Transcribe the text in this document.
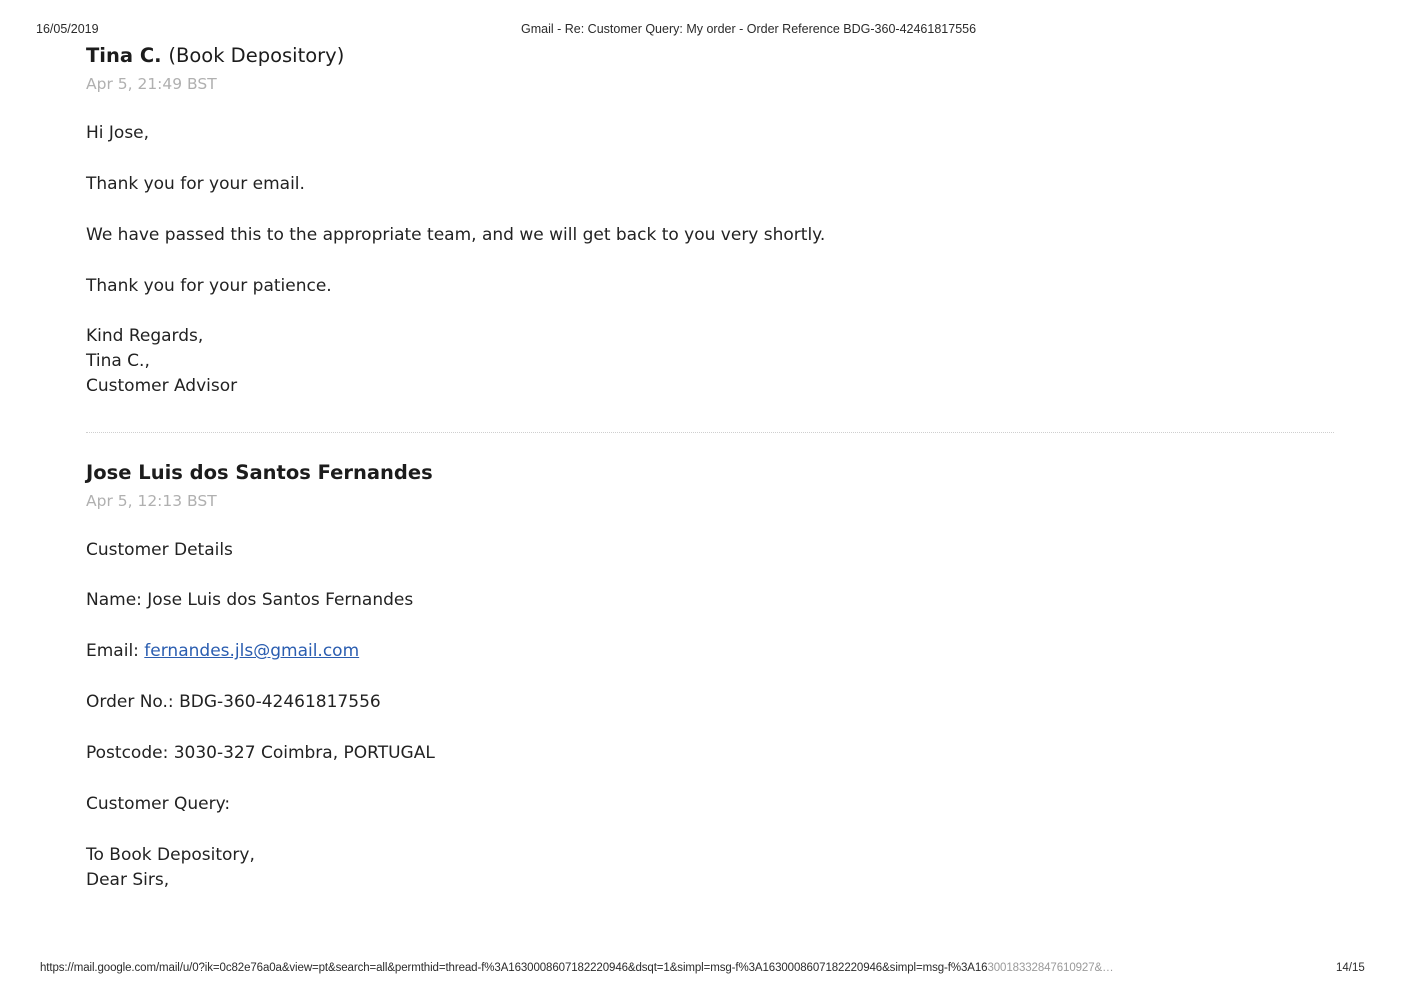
16/05/2019	Gmail - Re: Customer Query: My order - Order Reference BDG-360-42461817556

Tina C. (Book Depository)

Apr 5, 21:49 BST

Hi Jose,

Thank you for your email.

We have passed this to the appropriate team, and we will get back to you very shortly.

Thank you for your patience.

Kind Regards,

Tina C.,

Customer Advisor

Jose Luis dos Santos Fernandes

Apr 5, 12:13 BST

Customer Details

Name: Jose Luis dos Santos Fernandes

Email: fernandes.jls@gmail.com

Order No.: BDG-360-42461817556

Postcode: 3030-327 Coimbra, PORTUGAL

Customer Query:

To Book Depository,

Dear Sirs,

https://mail.google.com/mail/u/0?ik=0c82e76a0a&view=pt&search=all&permthid=thread-f%3A1630008607182220946&dsqt=1&simpl=msg-f%3A1630008607182220946&simpl=msg-f%3A1630018332847610927&…	14/15
